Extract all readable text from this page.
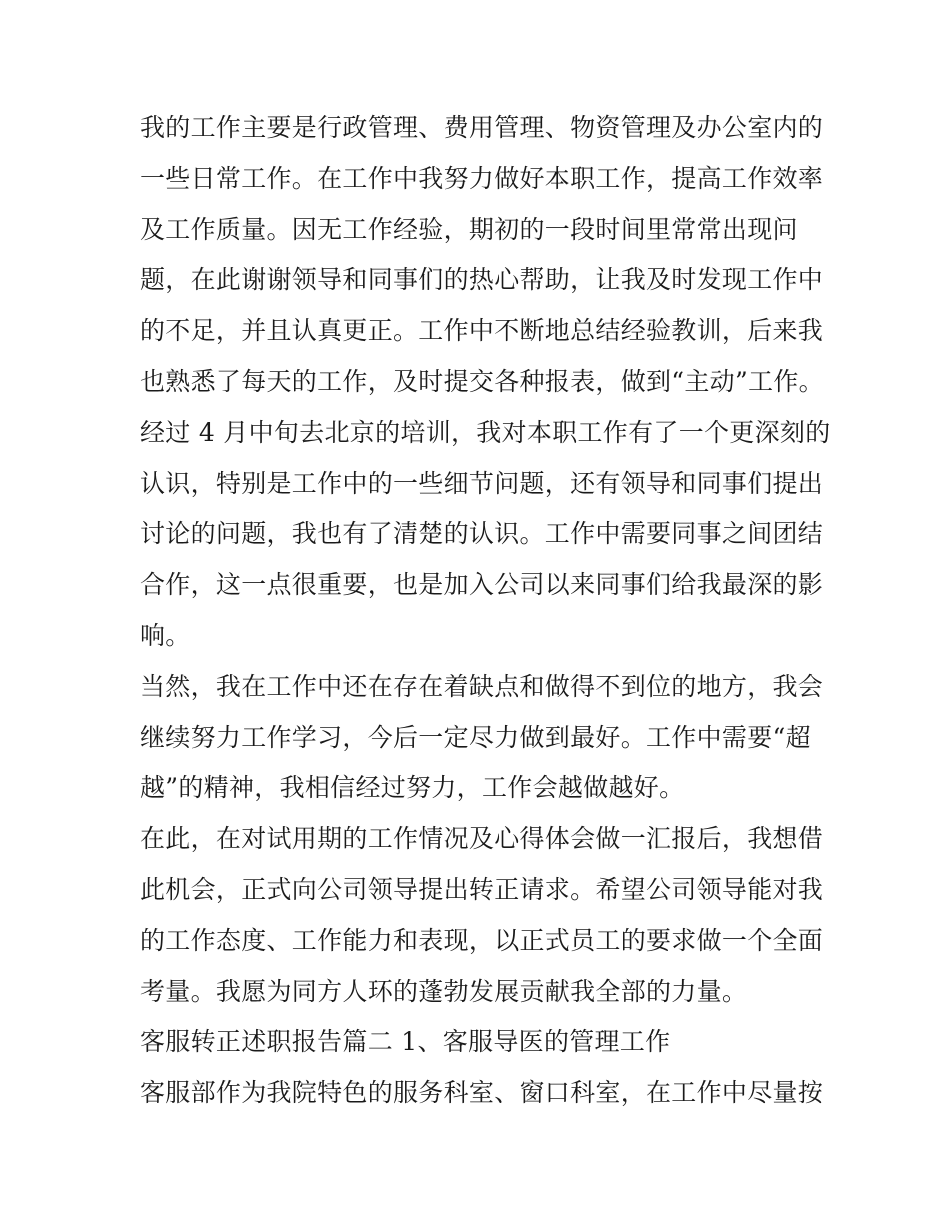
我的工作主要是行政管理、费用管理、物资管理及办公室内的
一些日常工作。在工作中我努力做好本职工作，提高工作效率
及工作质量。因无工作经验，期初的一段时间里常常出现问
题，在此谢谢领导和同事们的热心帮助，让我及时发现工作中
的不足，并且认真更正。工作中不断地总结经验教训，后来我
也熟悉了每天的工作，及时提交各种报表，做到“主动”工作。
经过 4 月中旬去北京的培训，我对本职工作有了一个更深刻的
认识，特别是工作中的一些细节问题，还有领导和同事们提出
讨论的问题，我也有了清楚的认识。工作中需要同事之间团结
合作，这一点很重要，也是加入公司以来同事们给我最深的影
响。
当然，我在工作中还在存在着缺点和做得不到位的地方，我会
继续努力工作学习，今后一定尽力做到最好。工作中需要“超
越”的精神，我相信经过努力，工作会越做越好。
在此，在对试用期的工作情况及心得体会做一汇报后，我想借
此机会，正式向公司领导提出转正请求。希望公司领导能对我
的工作态度、工作能力和表现，以正式员工的要求做一个全面
考量。我愿为同方人环的蓬勃发展贡献我全部的力量。
客服转正述职报告篇二 1、客服导医的管理工作
客服部作为我院特色的服务科室、窗口科室，在工作中尽量按
